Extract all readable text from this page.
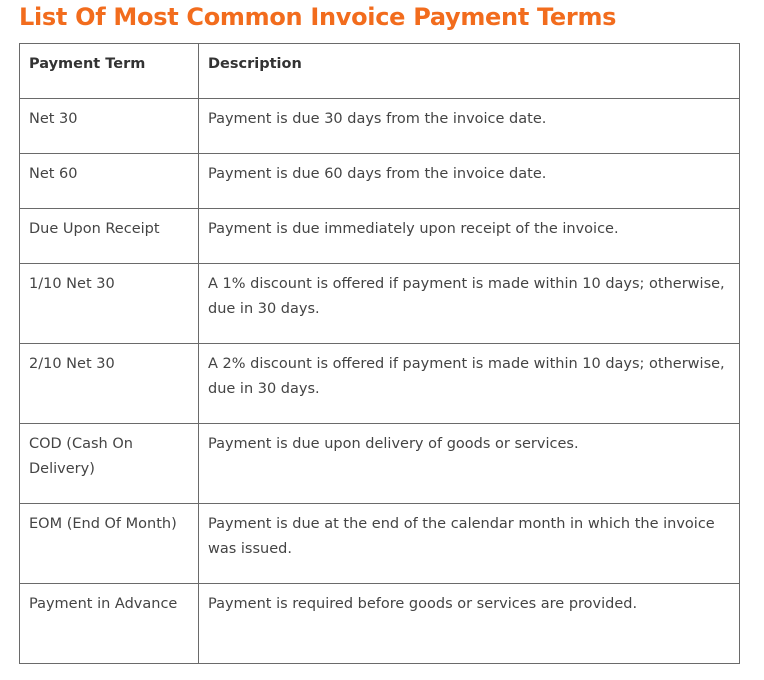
List Of Most Common Invoice Payment Terms
Payment Term	Description
Net 30	Payment is due 30 days from the invoice date.
Net 60	Payment is due 60 days from the invoice date.
Due Upon Receipt	Payment is due immediately upon receipt of the invoice.
1/10 Net 30	A 1% discount is offered if payment is made within 10 days; otherwise, due in 30 days.
2/10 Net 30	A 2% discount is offered if payment is made within 10 days; otherwise, due in 30 days.
COD (Cash On Delivery)	Payment is due upon delivery of goods or services.
EOM (End Of Month)	Payment is due at the end of the calendar month in which the invoice was issued.
Payment in Advance	Payment is required before goods or services are provided.
